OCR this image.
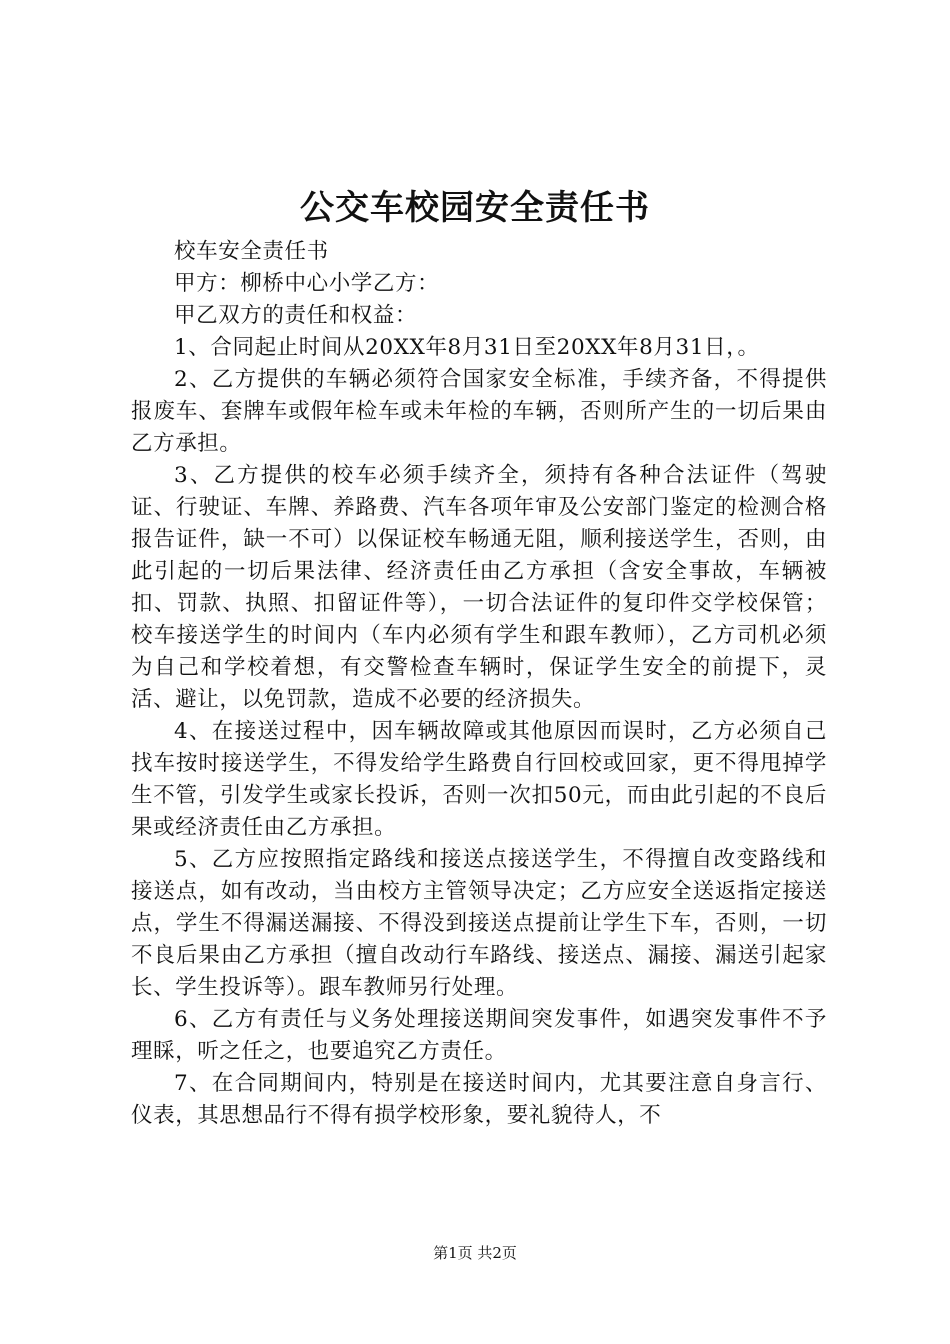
公交车校园安全责任书

校车安全责任书

甲方：柳桥中心小学乙方：

甲乙双方的责任和权益：

1、合同起止时间从20XX年8月31日至20XX年8月31日，。

2、乙方提供的车辆必须符合国家安全标准，手续齐备，不得提供报废车、套牌车或假年检车或未年检的车辆，否则所产生的一切后果由乙方承担。

3、乙方提供的校车必须手续齐全，须持有各种合法证件（驾驶证、行驶证、车牌、养路费、汽车各项年审及公安部门鉴定的检测合格报告证件，缺一不可）以保证校车畅通无阻，顺利接送学生，否则，由此引起的一切后果法律、经济责任由乙方承担（含安全事故，车辆被扣、罚款、执照、扣留证件等），一切合法证件的复印件交学校保管；校车接送学生的时间内（车内必须有学生和跟车教师），乙方司机必须为自己和学校着想，有交警检查车辆时，保证学生安全的前提下，灵活、避让，以免罚款，造成不必要的经济损失。

4、在接送过程中，因车辆故障或其他原因而误时，乙方必须自己找车按时接送学生，不得发给学生路费自行回校或回家，更不得甩掉学生不管，引发学生或家长投诉，否则一次扣50元，而由此引起的不良后果或经济责任由乙方承担。

5、乙方应按照指定路线和接送点接送学生，不得擅自改变路线和接送点，如有改动，当由校方主管领导决定；乙方应安全送返指定接送点，学生不得漏送漏接、不得没到接送点提前让学生下车，否则，一切不良后果由乙方承担（擅自改动行车路线、接送点、漏接、漏送引起家长、学生投诉等）。跟车教师另行处理。

6、乙方有责任与义务处理接送期间突发事件，如遇突发事件不予理睬，听之任之，也要追究乙方责任。

7、在合同期间内，特别是在接送时间内，尤其要注意自身言行、仪表，其思想品行不得有损学校形象，要礼貌待人，不

第1页 共2页
